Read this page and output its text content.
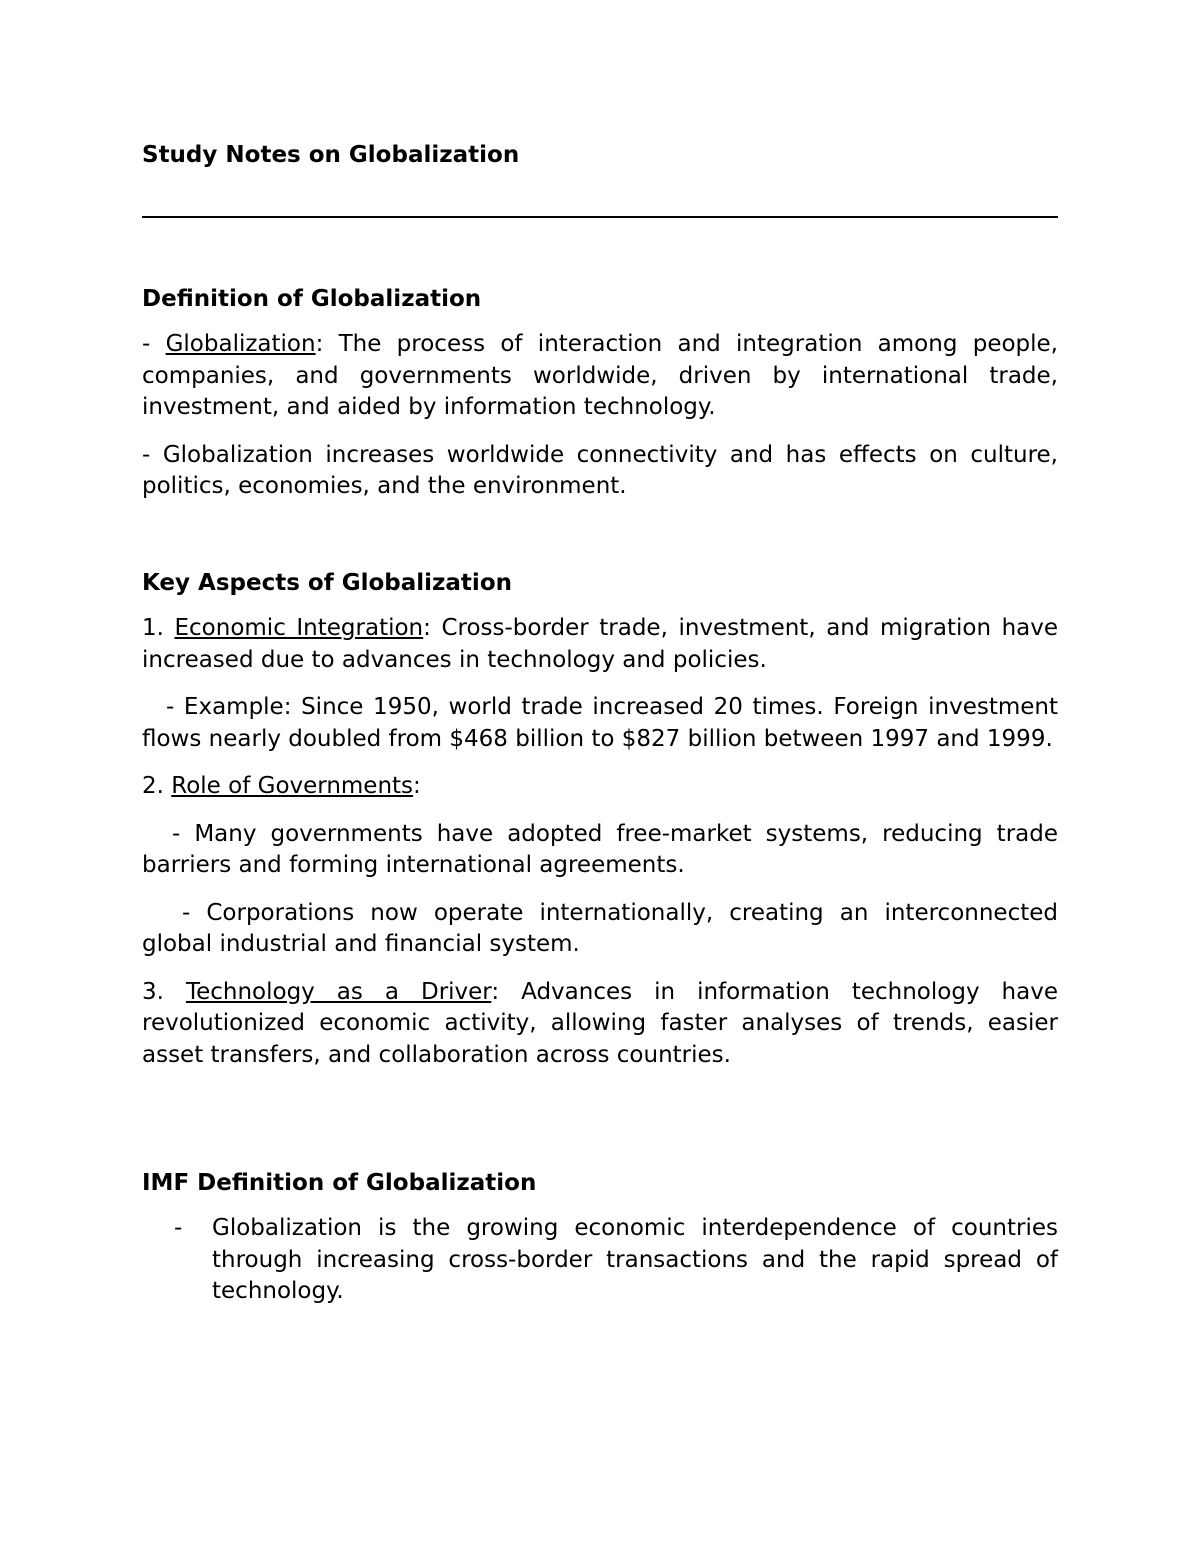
Study Notes on Globalization
Definition of Globalization

- Globalization: The process of interaction and integration among people, companies, and governments worldwide, driven by international trade, investment, and aided by information technology.

- Globalization increases worldwide connectivity and has effects on culture, politics, economies, and the environment.

Key Aspects of Globalization

1. Economic Integration: Cross-border trade, investment, and migration have increased due to advances in technology and policies.

- Example: Since 1950, world trade increased 20 times. Foreign investment flows nearly doubled from $468 billion to $827 billion between 1997 and 1999.

2. Role of Governments:

- Many governments have adopted free-market systems, reducing trade barriers and forming international agreements.

- Corporations now operate internationally, creating an interconnected global industrial and financial system.

3. Technology as a Driver: Advances in information technology have revolutionized economic activity, allowing faster analyses of trends, easier asset transfers, and collaboration across countries.

IMF Definition of Globalization
- Globalization is the growing economic interdependence of countries through increasing cross-border transactions and the rapid spread of technology.
